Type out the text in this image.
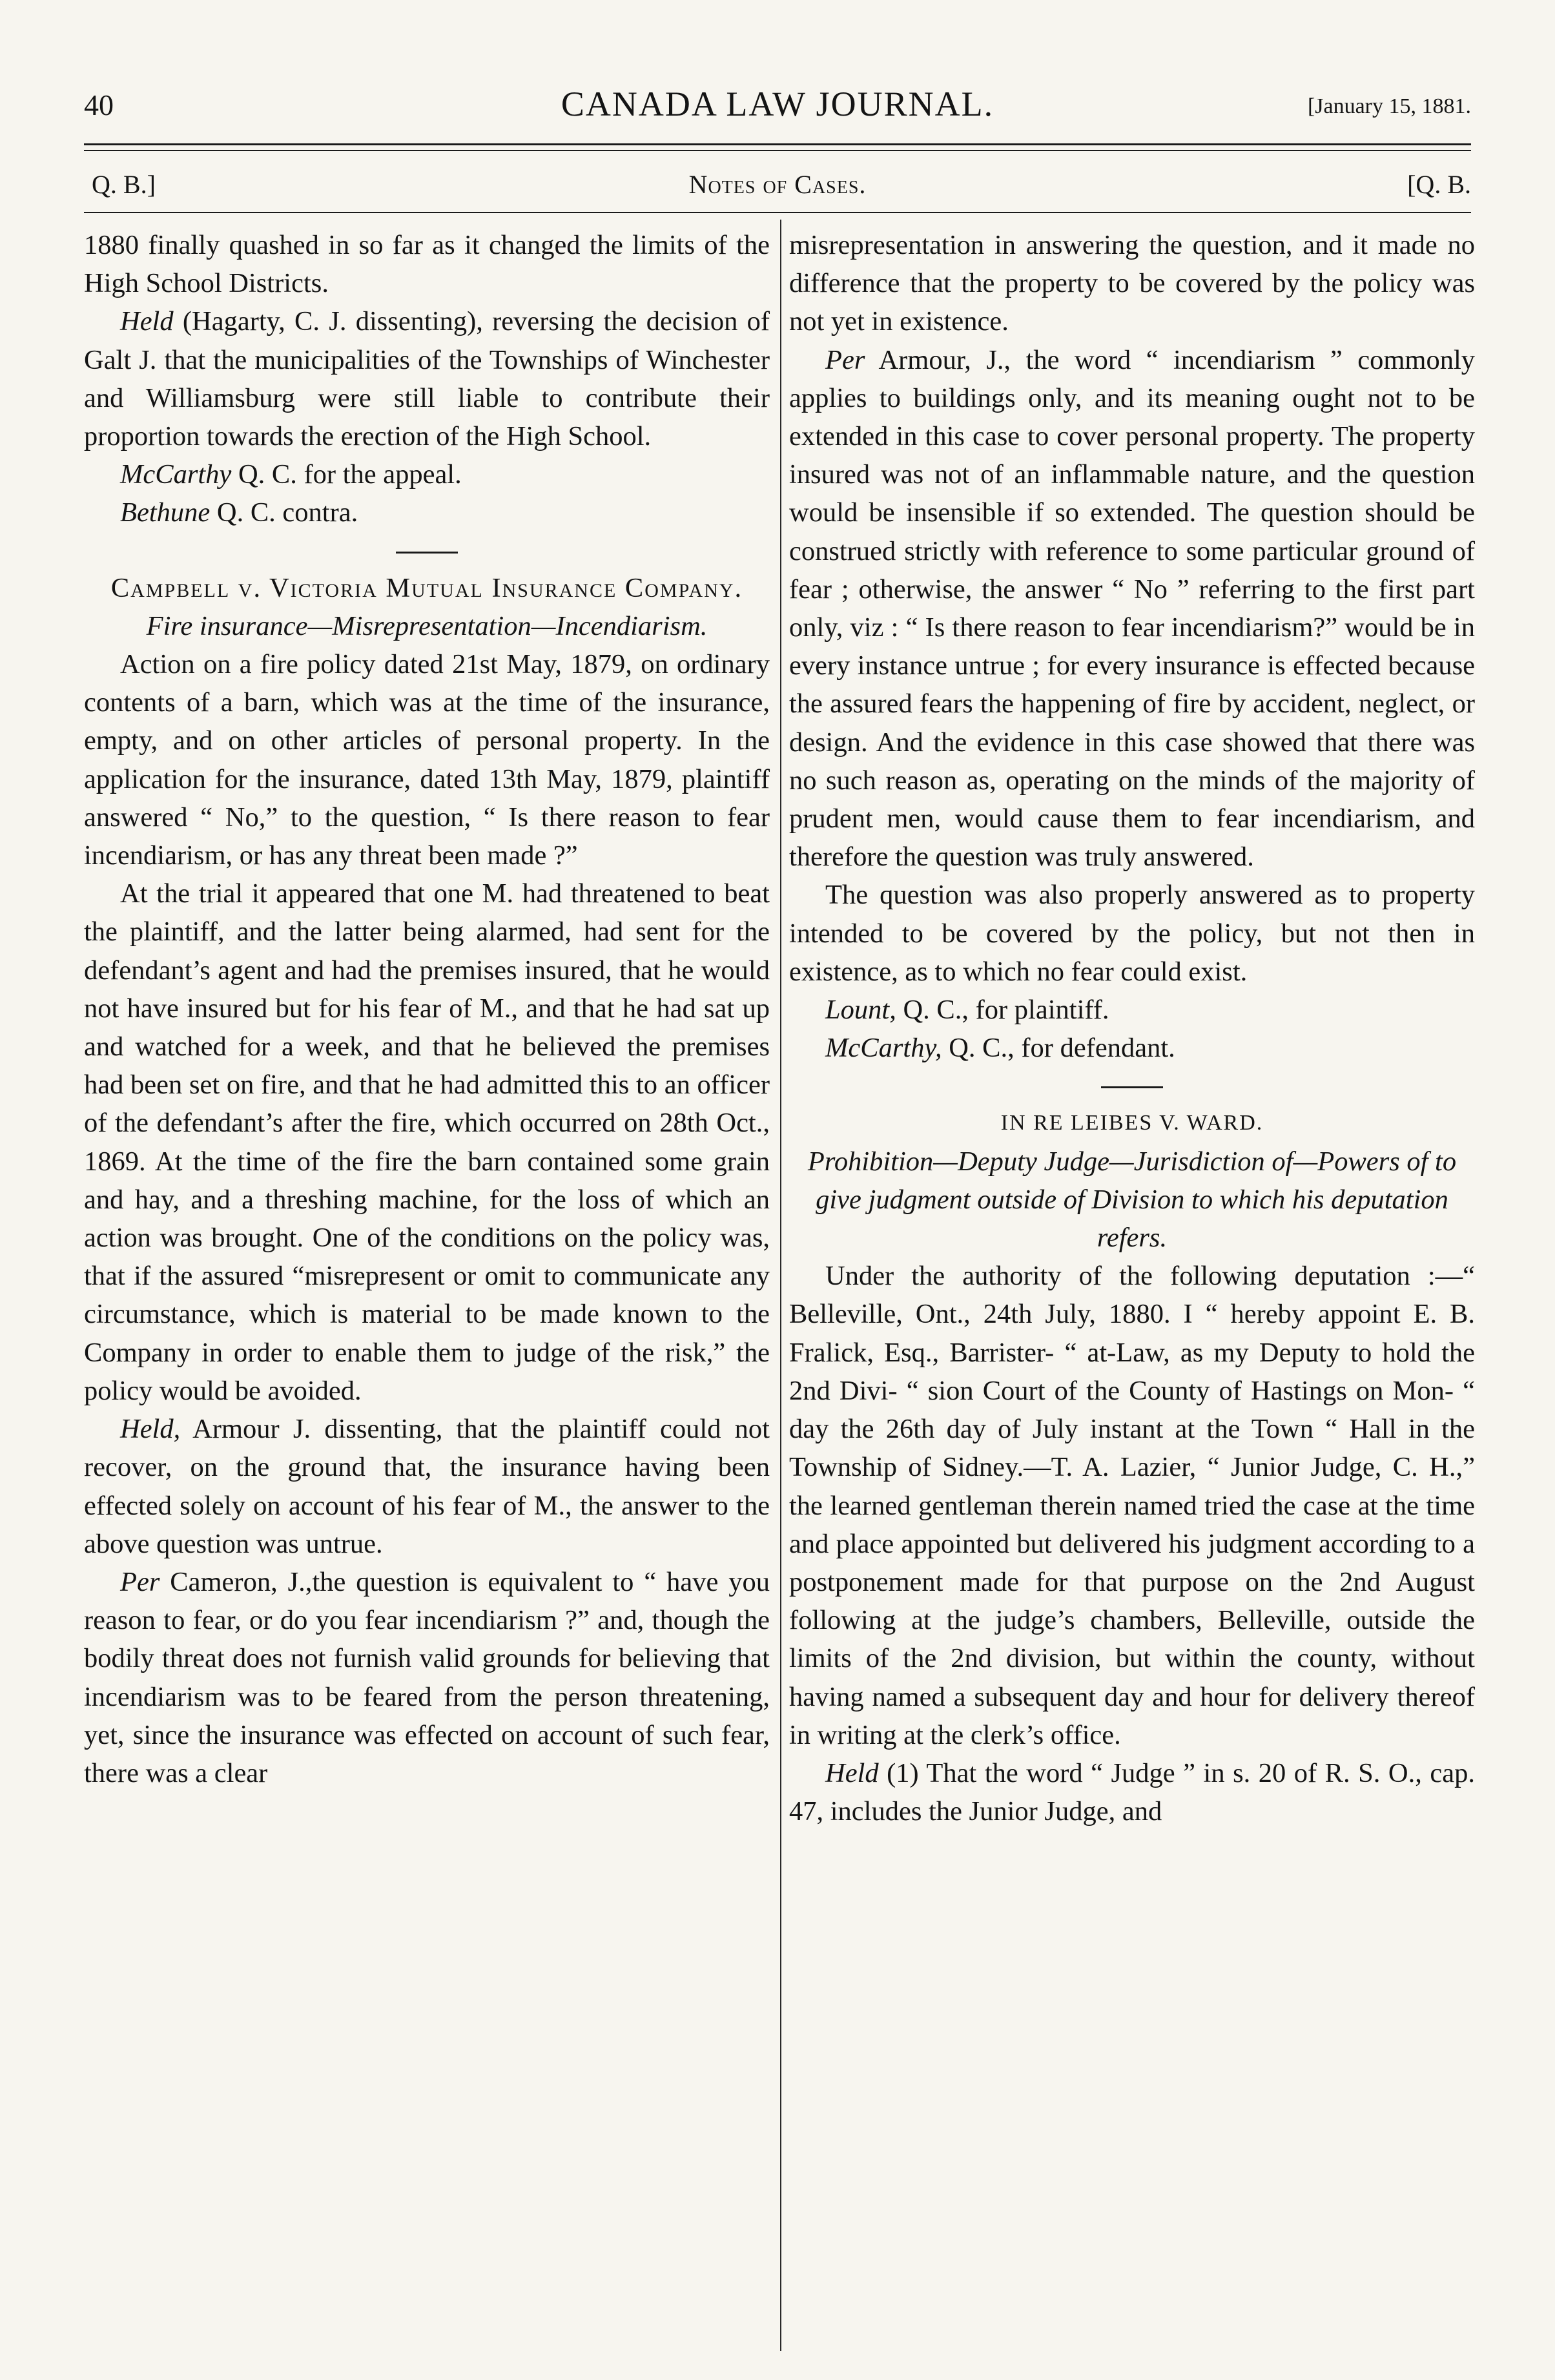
40	CANADA LAW JOURNAL.	[January 15, 1881.
Q. B.]	Notes of Cases.	[Q. B.

1880 finally quashed in so far as it changed the limits of the High School Districts.

Held (Hagarty, C. J. dissenting), reversing the decision of Galt J. that the municipalities of the Townships of Winchester and Williamsburg were still liable to contribute their proportion towards the erection of the High School.

McCarthy Q. C. for the appeal.

Bethune Q. C. contra.

Campbell v. Victoria Mutual Insurance Company.

Fire insurance—Misrepresentation—Incendiarism.

Action on a fire policy dated 21st May, 1879, on ordinary contents of a barn, which was at the time of the insurance, empty, and on other articles of personal property. In the application for the insurance, dated 13th May, 1879, plaintiff answered “ No,” to the question, “ Is there reason to fear incendiarism, or has any threat been made ?”

At the trial it appeared that one M. had threatened to beat the plaintiff, and the latter being alarmed, had sent for the defendant’s agent and had the premises insured, that he would not have insured but for his fear of M., and that he had sat up and watched for a week, and that he believed the premises had been set on fire, and that he had admitted this to an officer of the defendant’s after the fire, which occurred on 28th Oct., 1869. At the time of the fire the barn contained some grain and hay, and a threshing machine, for the loss of which an action was brought. One of the conditions on the policy was, that if the assured “misrepresent or omit to communicate any circumstance, which is material to be made known to the Company in order to enable them to judge of the risk,” the policy would be avoided.

Held, Armour J. dissenting, that the plaintiff could not recover, on the ground that, the insurance having been effected solely on account of his fear of M., the answer to the above question was untrue.

Per Cameron, J.,the question is equivalent to “ have you reason to fear, or do you fear incendiarism ?” and, though the bodily threat does not furnish valid grounds for believing that incendiarism was to be feared from the person threatening, yet, since the insurance was effected on account of such fear, there was a clear

misrepresentation in answering the question, and it made no difference that the property to be covered by the policy was not yet in existence.

Per Armour, J., the word “ incendiarism ” commonly applies to buildings only, and its meaning ought not to be extended in this case to cover personal property. The property insured was not of an inflammable nature, and the question would be insensible if so extended. The question should be construed strictly with reference to some particular ground of fear ; otherwise, the answer “ No ” referring to the first part only, viz : “ Is there reason to fear incendiarism?” would be in every instance untrue ; for every insurance is effected because the assured fears the happening of fire by accident, neglect, or design. And the evidence in this case showed that there was no such reason as, operating on the minds of the majority of prudent men, would cause them to fear incendiarism, and therefore the question was truly answered.

The question was also properly answered as to property intended to be covered by the policy, but not then in existence, as to which no fear could exist.

Lount, Q. C., for plaintiff.

McCarthy, Q. C., for defendant.

IN RE LEIBES V. WARD.

Prohibition—Deputy Judge—Jurisdiction of—Powers of to give judgment outside of Division to which his deputation refers.

Under the authority of the following deputation :—“ Belleville, Ont., 24th July, 1880. I “ hereby appoint E. B. Fralick, Esq., Barrister- “ at-Law, as my Deputy to hold the 2nd Divi- “ sion Court of the County of Hastings on Mon- “ day the 26th day of July instant at the Town “ Hall in the Township of Sidney.—T. A. Lazier, “ Junior Judge, C. H.,” the learned gentleman therein named tried the case at the time and place appointed but delivered his judgment according to a postponement made for that purpose on the 2nd August following at the judge’s chambers, Belleville, outside the limits of the 2nd division, but within the county, without having named a subsequent day and hour for delivery thereof in writing at the clerk’s office.

Held (1) That the word “ Judge ” in s. 20 of R. S. O., cap. 47, includes the Junior Judge, and
